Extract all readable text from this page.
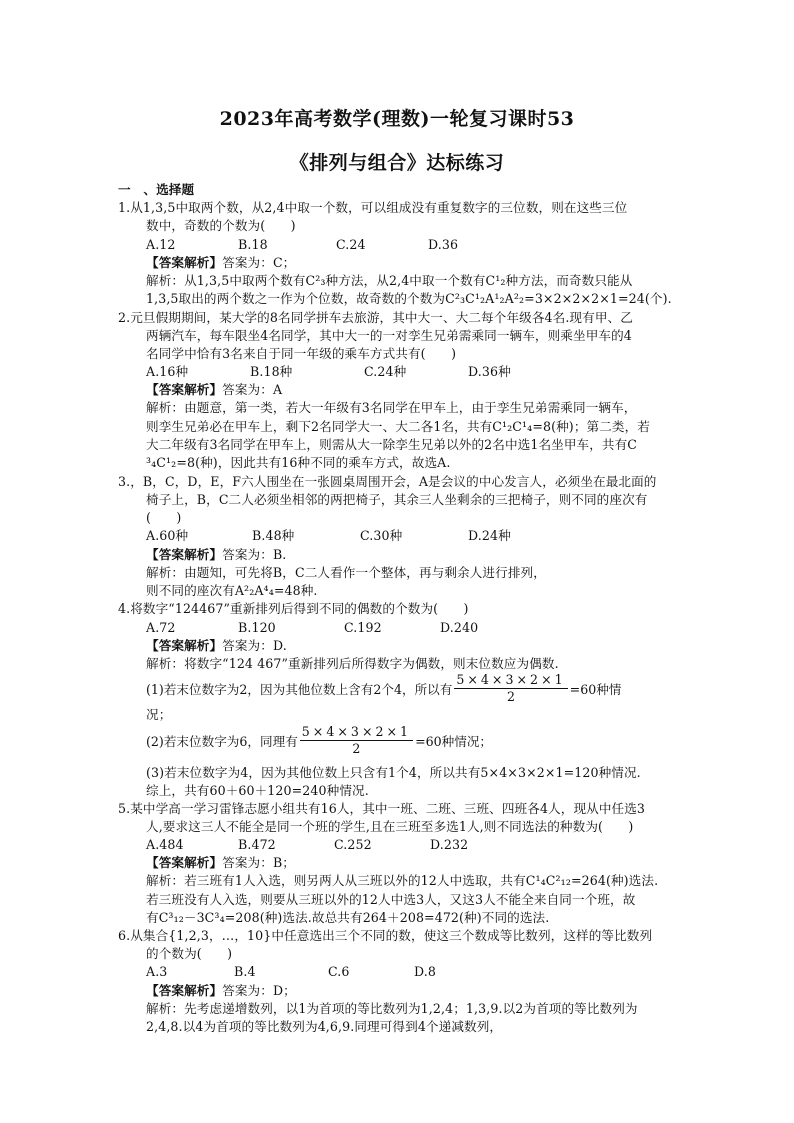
2023年高考数学(理数)一轮复习课时53
《排列与组合》达标练习
一　、选择题
1.从1,3,5中取两个数，从2,4中取一个数，可以组成没有重复数字的三位数，则在这些三位
数中，奇数的个数为(　　)
A.12	B.18	C.24	D.36
【答案解析】答案为：C；
解析：从1,3,5中取两个数有C²₃种方法，从2,4中取一个数有C¹₂种方法，而奇数只能从
1,3,5取出的两个数之一作为个位数，故奇数的个数为C²₃C¹₂A¹₂A²₂=3×2×2×2×1=24(个).
2.元旦假期期间，某大学的8名同学拼车去旅游，其中大一、大二每个年级各4名.现有甲、乙
两辆汽车，每车限坐4名同学，其中大一的一对孪生兄弟需乘同一辆车，则乘坐甲车的4
名同学中恰有3名来自于同一年级的乘车方式共有(　　)
A.16种	B.18种	C.24种	D.36种
【答案解析】答案为：A
解析：由题意，第一类，若大一年级有3名同学在甲车上，由于孪生兄弟需乘同一辆车，
则孪生兄弟必在甲车上，剩下2名同学大一、大二各1名，共有C¹₂C¹₄=8(种)；第二类，若
大二年级有3名同学在甲车上，则需从大一除孪生兄弟以外的2名中选1名坐甲车，共有C
³₄C¹₂=8(种)，因此共有16种不同的乘车方式，故选A.
3.，B，C，D，E，F六人围坐在一张圆桌周围开会，A是会议的中心发言人，必须坐在最北面的
椅子上，B，C二人必须坐相邻的两把椅子，其余三人坐剩余的三把椅子，则不同的座次有
(　　)
A.60种	B.48种	C.30种	D.24种
【答案解析】答案为：B.
解析：由题知，可先将B，C二人看作一个整体，再与剩余人进行排列，
则不同的座次有A²₂A⁴₄=48种.
4.将数字“124467”重新排列后得到不同的偶数的个数为(　　)
A.72	B.120	C.192	D.240
【答案解析】答案为：D.
解析：将数字“124 467”重新排列后所得数字为偶数，则末位数应为偶数.
(1)若末位数字为2，因为其他位数上含有2个4，所以有 $\frac{5\times 4\times 3\times 2\times 1}{2} =60$种情
况；
(2)若末位数字为6，同理有 $\frac{5\times 4\times 3\times 2\times 1}{2} =60$种情况；
(3)若末位数字为4，因为其他位数上只含有1个4，所以共有5×4×3×2×1=120种情况.
综上，共有60＋60＋120=240种情况.
5.某中学高一学习雷锋志愿小组共有16人，其中一班、二班、三班、四班各4人，现从中任选3
人,要求这三人不能全是同一个班的学生,且在三班至多选1人,则不同选法的种数为(　　)
A.484	B.472	C.252	D.232
【答案解析】答案为：B；
解析：若三班有1人入选，则另两人从三班以外的12人中选取，共有C¹₄C²₁₂=264(种)选法.
若三班没有人入选，则要从三班以外的12人中选3人，又这3人不能全来自同一个班，故
有C³₁₂－3C³₄=208(种)选法.故总共有264＋208=472(种)不同的选法.
6.从集合{1,2,3，…，10}中任意选出三个不同的数，使这三个数成等比数列，这样的等比数列
的个数为(　　)
A.3	B.4	C.6	D.8
【答案解析】答案为：D；
解析：先考虑递增数列，以1为首项的等比数列为1,2,4；1,3,9.以2为首项的等比数列为
2,4,8.以4为首项的等比数列为4,6,9.同理可得到4个递减数列，
